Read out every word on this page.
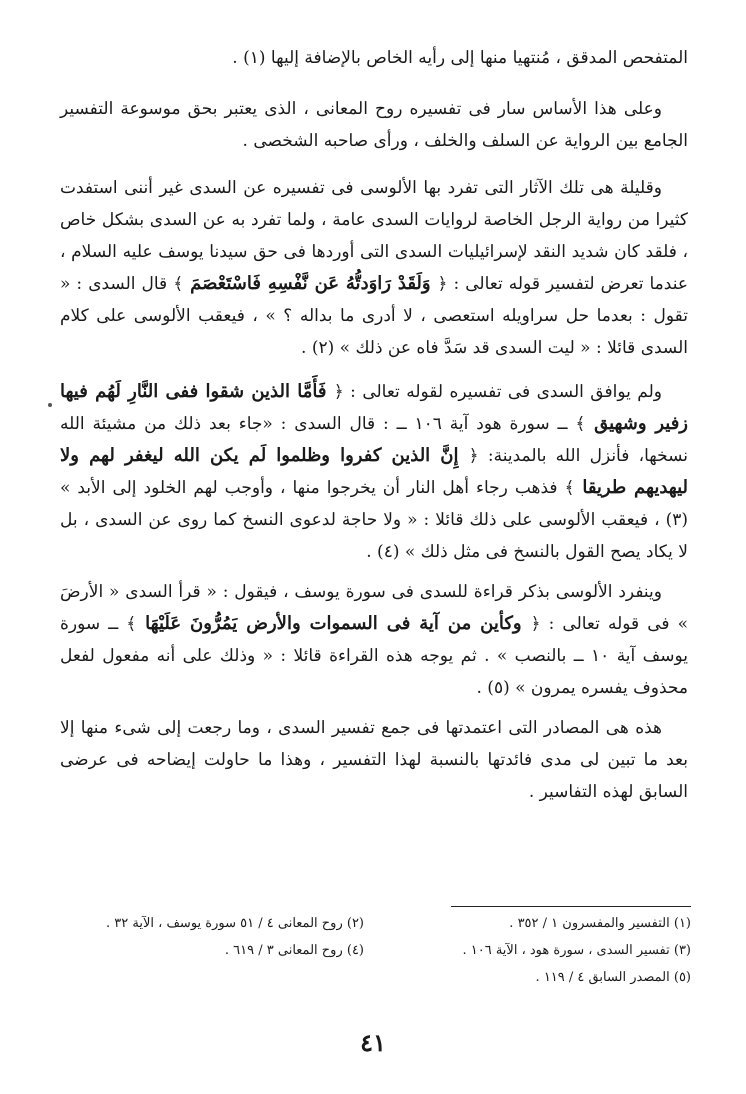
المتفحص المدقق ، مُنتهيا منها إلى رأيه الخاص بالإضافة إليها (١) .

وعلى هذا الأساس سار فى تفسيره روح المعانى ، الذى يعتبر بحق موسوعة التفسير الجامع بين الرواية عن السلف والخلف ، ورأى صاحبه الشخصى .

وقليلة هى تلك الآثار التى تفرد بها الألوسى فى تفسيره عن السدى غير أننى استفدت كثيرا من رواية الرجل الخاصة لروايات السدى عامة ، ولما تفرد به عن السدى بشكل خاص ، فلقد كان شديد النقد لإسرائيليات السدى التى أوردها فى حق سيدنا يوسف عليه السلام ، عندما تعرض لتفسير قوله تعالى : ﴿ وَلَقَدْ رَاوَدتُّهُ عَن نَّفْسِهِ فَاسْتَعْصَمَ ﴾ قال السدى : « تقول : بعدما حل سراويله استعصى ، لا أدرى ما بداله ؟ » ، فيعقب الألوسى على كلام السدى قائلا : « ليت السدى قد سَدَّ فاه عن ذلك » (٢) .

ولم يوافق السدى فى تفسيره لقوله تعالى : ﴿ فَأَمَّا الذين شقوا ففى النَّارِ لَهُم فيها زفير وشهيق ﴾ ــ سورة هود آية ١٠٦ ــ : قال السدى : «جاء بعد ذلك من مشيئة الله نسخها، فأنزل الله بالمدينة: ﴿ إِنَّ الذين كفروا وظلموا لَم يكن الله ليغفر لهم ولا ليهديهم طريقا ﴾ فذهب رجاء أهل النار أن يخرجوا منها ، وأوجب لهم الخلود إلى الأبد » (٣) ، فيعقب الألوسى على ذلك قائلا : « ولا حاجة لدعوى النسخ كما روى عن السدى ، بل لا يكاد يصح القول بالنسخ فى مثل ذلك » (٤) .

وينفرد الألوسى بذكر قراءة للسدى فى سورة يوسف ، فيقول : « قرأ السدى « الأرضَ » فى قوله تعالى : ﴿ وكأين من آية فى السموات والأرض يَمُرُّونَ عَلَيْهَا ﴾ ــ سورة يوسف آية ١٠ ــ بالنصب » . ثم يوجه هذه القراءة قائلا : « وذلك على أنه مفعول لفعل محذوف يفسره يمرون » (٥) .

هذه هى المصادر التى اعتمدتها فى جمع تفسير السدى ، وما رجعت إلى شىء منها إلا بعد ما تبين لى مدى فائدتها بالنسبة لهذا التفسير ، وهذا ما حاولت إيضاحه فى عرضى السابق لهذه التفاسير .

(١) التفسير والمفسرون ١ / ٣٥٢ .
(٢) روح المعانى ٤ / ٥١ سورة يوسف ، الآية ٣٢ .
(٣) تفسير السدى ، سورة هود ، الآية ١٠٦ .
(٤) روح المعانى ٣ / ٦١٩ .
(٥) المصدر السابق ٤ / ١١٩ .
٤١
